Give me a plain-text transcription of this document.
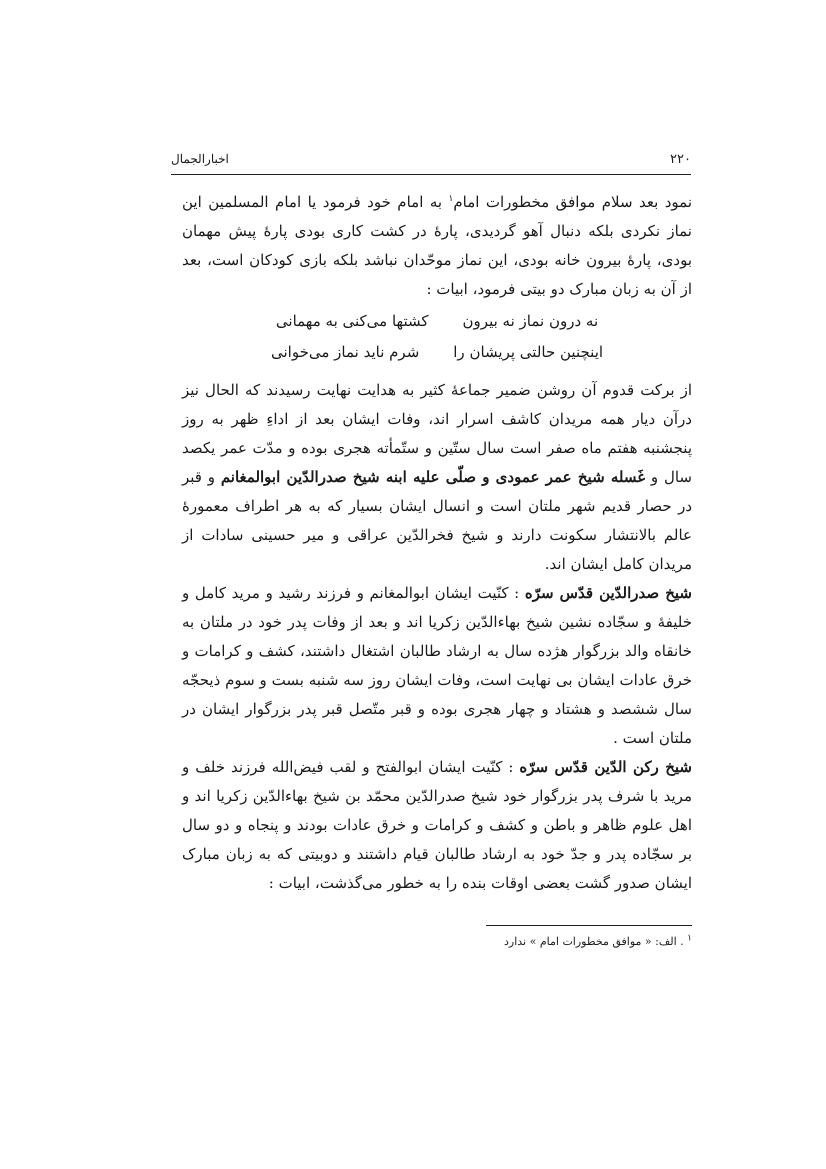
۲۲۰
اخبارالجمال

نمود بعد سلام موافق مخطورات امام$^۱$ به امام خود فرمود یا امام المسلمین این نماز نکردی بلکه دنبال آهو گردیدی، پارهٔ در کشت کاری بودی پارهٔ پیش مهمان بودی، پارهٔ بیرون خانه بودی، این نماز موحّدان نباشد بلکه بازی کودکان است، بعد از آن به زبان مبارک دو بیتی فرمود، ابیات :

نه درون نماز نه بیرون
کشتها می‌کنی به مهمانی
اینچنین حالتی پریشان را
شرم ناید نماز می‌خوانی

از برکت قدوم آن روشن ضمیر جماعهٔ کثیر به هدایت نهایت رسیدند که الحال نیز درآن دیار همه مریدان کاشف اسرار اند، وفات ایشان بعد از اداءِ ظهر به روز پنجشنبه هفتم ماه صفر است سال ستّین و ستّمأته هجری بوده و مدّت عمر یکصد سال و غَسله شیخ عمر عمودی و صلّی علیه ابنه شیخ صدرالدّین ابوالمغانم و قبر در حصار قدیم شهر ملتان است و انسال ایشان بسیار که به هر اطراف معمورهٔ عالم بالانتشار سکونت دارند و شیخ فخرالدّین عراقی و میر حسینی سادات از مریدان کامل ایشان اند.

شیخ صدرالدّین قدّس سرّه : کنّیت ایشان ابوالمغانم و فرزند رشید و مرید کامل و خلیفهٔ و سجّاده نشین شیخ بهاءالدّین زکریا اند و بعد از وفات پدر خود در ملتان به خانقاه والد بزرگوار هژده سال به ارشاد طالبان اشتغال داشتند، کشف و کرامات و خرق عادات ایشان بی نهایت است، وفات ایشان روز سه شنبه بست و سوم ذیحجّه سال ششصد و هشتاد و چهار هجری بوده و قبر متّصل قبر پدر بزرگوار ایشان در ملتان است .

شیخ رکن الدّین قدّس سرّه : کنّیت ایشان ابوالفتح و لقب فیض‌الله فرزند خلف و مرید با شرف پدر بزرگوار خود شیخ صدرالدّین محمّد بن شیخ بهاءالدّین زکریا اند و اهل علوم ظاهر و باطن و کشف و کرامات و خرق عادات بودند و پنجاه و دو سال بر سجّاده پدر و جدّ خود به ارشاد طالبان قیام داشتند و دوبیتی که به زبان مبارک ایشان صدور گشت بعضی اوقات بنده را به خطور می‌گذشت، ابیات :

$^۱$ . الف: « موافق مخطورات امام » ندارد
